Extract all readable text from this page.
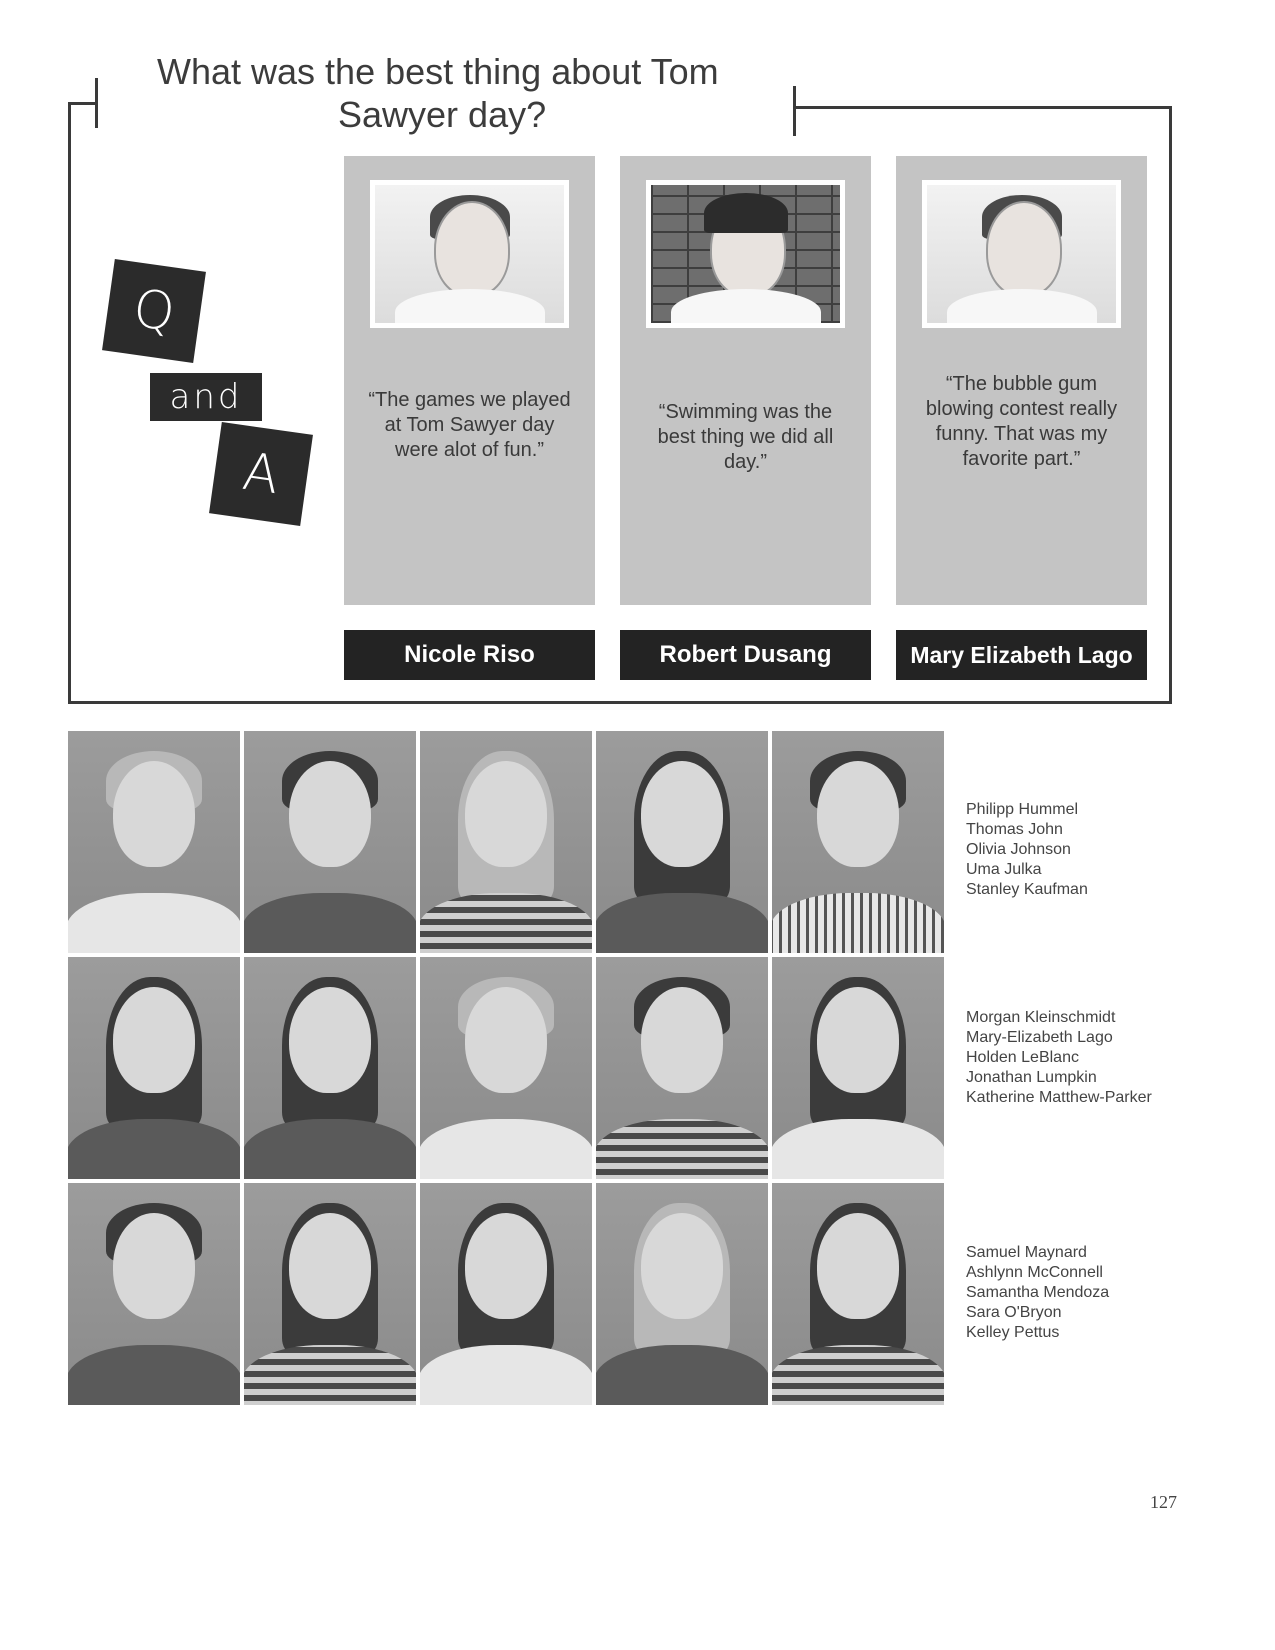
What was the best thing about Tom
Sawyer day?
Q
and
A
“The games we played at Tom Sawyer day were alot of fun.”
Nicole Riso
“Swimming was the best thing we did all day.”
Robert Dusang
“The bubble gum blowing contest really funny. That was my favorite part.”
Mary Elizabeth Lago
Philipp Hummel
Thomas John
Olivia Johnson
Uma Julka
Stanley Kaufman
Morgan Kleinschmidt
Mary-Elizabeth Lago
Holden LeBlanc
Jonathan Lumpkin
Katherine Matthew-Parker
Samuel Maynard
Ashlynn McConnell
Samantha Mendoza
Sara O'Bryon
Kelley Pettus
127
